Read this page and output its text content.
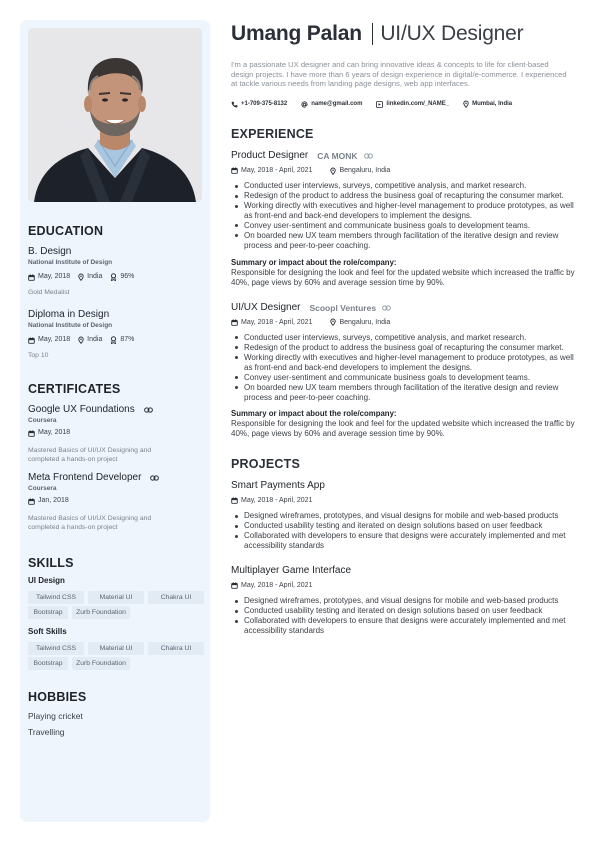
EDUCATION
B. Design
National Institute of Design
May, 2018 India	96%
Gold Medalist
Diploma in Design
National Institute of Design
May, 2018 India	87%
Top 10
CERTIFICATES
Google UX Foundations
Coursera
May, 2018
Mastered Basics of UI/UX Designing and completed a hands-on project
Meta Frontend Developer
Coursera
Jan, 2018
Mastered Basics of UI/UX Designing and completed a hands-on project
SKILLS
UI Design
Tailwind CSS	Material UI	Chakra UI
Bootstrap	Zurb Foundation
Soft Skills
Tailwind CSS	Material UI	Chakra UI
Bootstrap	Zurb Foundation
HOBBIES
Playing cricket
Travelling
Umang Palan UI/UX Designer

I'm a passionate UX designer and can bring innovative ideas & concepts to life for client-based design projects. I have more than 6 years of design experience in digital/e-commerce. I experienced at tackle various needs from landing page designs, web app interfaces.

+1-709-375-8132	name@gmail.com	linkedin.com/_NAME_	Mumbai, India
EXPERIENCE
Product Designer CA MONK
May, 2018 - April, 2021	Bengaluru, India
Conducted user interviews, surveys, competitive analysis, and market research.
Redesign of the product to address the business goal of recapturing the consumer market.
Working directly with executives and higher-level management to produce prototypes, as well as front-end and back-end developers to implement the designs.
Convey user-sentiment and communicate business goals to development teams.
On boarded new UX team members through facilitation of the iterative design and review process and peer-to-peer coaching.
Summary or impact about the role/company:
Responsible for designing the look and feel for the updated website which increased the traffic by 40%, page views by 60% and average session time by 90%.
UI/UX Designer Scoopl Ventures
May, 2018 - April, 2021	Bengaluru, India
Conducted user interviews, surveys, competitive analysis, and market research.
Redesign of the product to address the business goal of recapturing the consumer market.
Working directly with executives and higher-level management to produce prototypes, as well as front-end and back-end developers to implement the designs.
Convey user-sentiment and communicate business goals to development teams.
On boarded new UX team members through facilitation of the iterative design and review process and peer-to-peer coaching.
Summary or impact about the role/company:
Responsible for designing the look and feel for the updated website which increased the traffic by 40%, page views by 60% and average session time by 90%.
PROJECTS
Smart Payments App
May, 2018 - April, 2021
Designed wireframes, prototypes, and visual designs for mobile and web-based products
Conducted usability testing and iterated on design solutions based on user feedback
Collaborated with developers to ensure that designs were accurately implemented and met accessibility standards
Multiplayer Game Interface
May, 2018 - April, 2021
Designed wireframes, prototypes, and visual designs for mobile and web-based products
Conducted usability testing and iterated on design solutions based on user feedback
Collaborated with developers to ensure that designs were accurately implemented and met accessibility standards
